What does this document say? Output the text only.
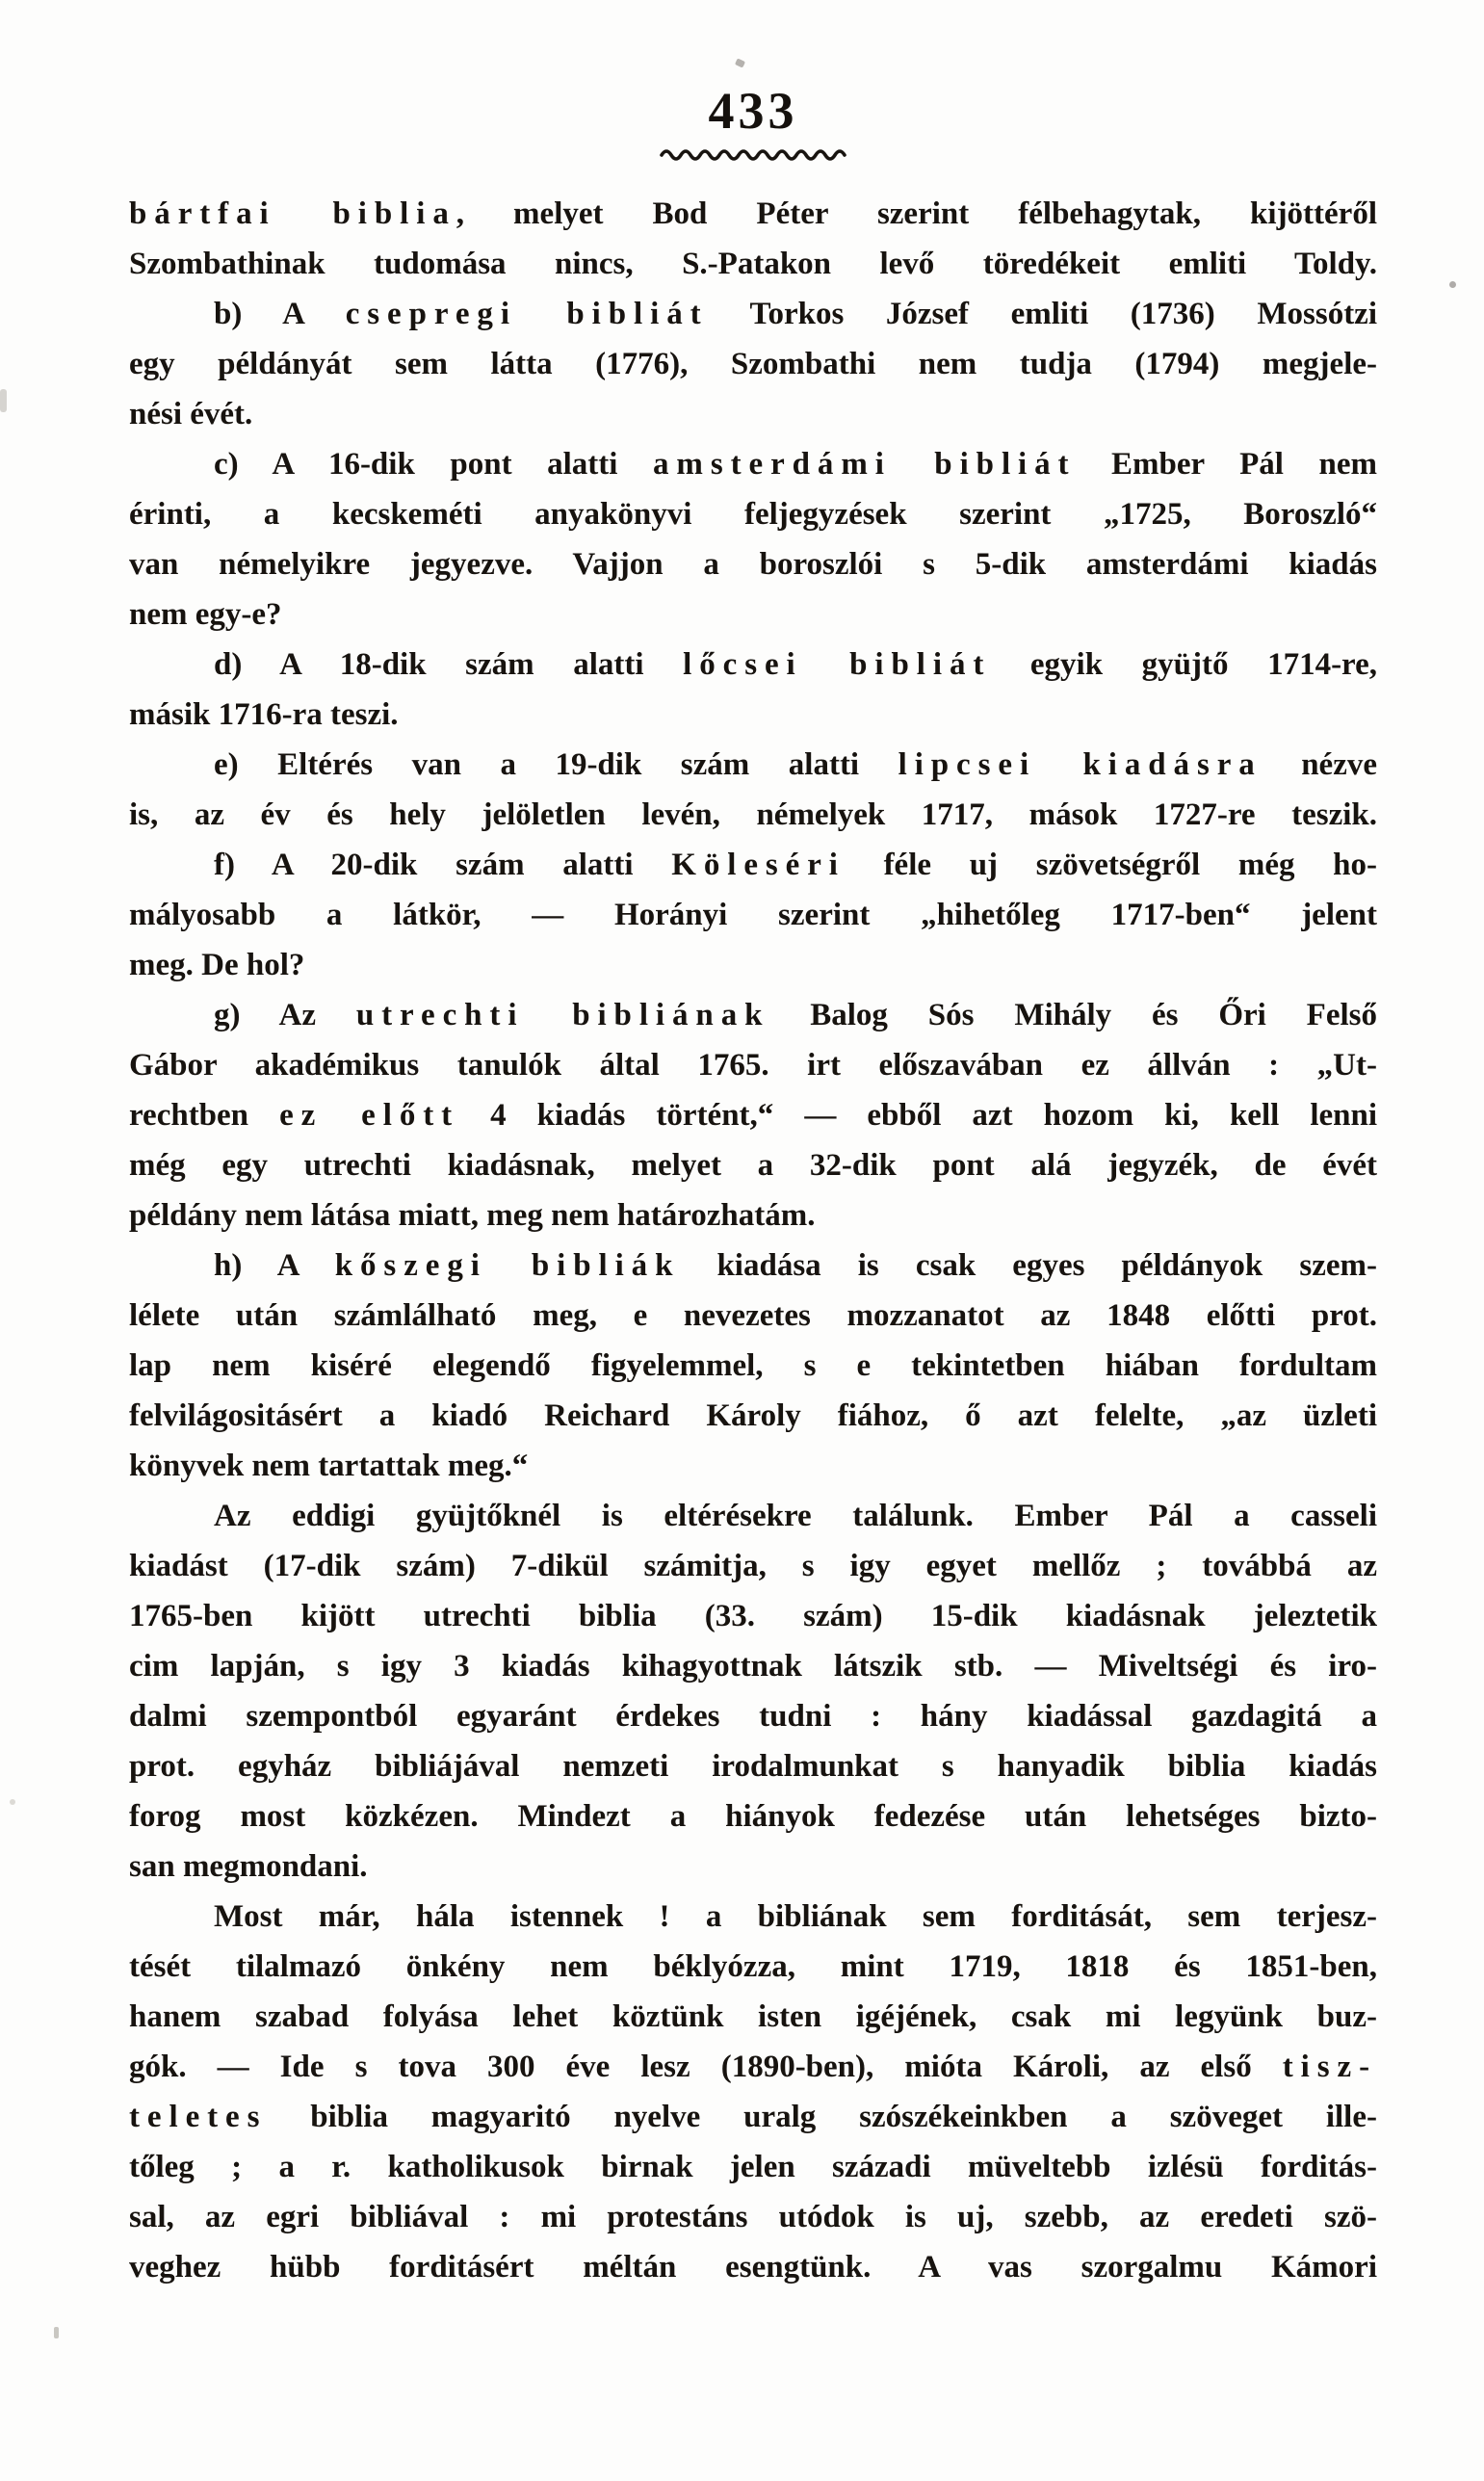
433
bártfai biblia, melyet Bod Péter szerint félbehagytak, kijöttéről
Szombathinak tudomása nincs, S.-Patakon levő töredékeit emliti Toldy.
b) A csepregi bibliát Torkos József emliti (1736) Mossótzi
egy példányát sem látta (1776), Szombathi nem tudja (1794) megjele-
nési évét.
c) A 16-dik pont alatti amsterdámi bibliát Ember Pál nem
érinti, a kecskeméti anyakönyvi feljegyzések szerint „1725, Boroszló“
van némelyikre jegyezve. Vajjon a boroszlói s 5-dik amsterdámi kiadás
nem egy-e?
d) A 18-dik szám alatti lőcsei bibliát egyik gyüjtő 1714-re,
másik 1716-ra teszi.
e) Eltérés van a 19-dik szám alatti lipcsei kiadásra nézve
is, az év és hely jelöletlen levén, némelyek 1717, mások 1727-re teszik.
f) A 20-dik szám alatti Köleséri féle uj szövetségről még ho-
mályosabb a látkör, — Horányi szerint „hihetőleg 1717-ben“ jelent
meg. De hol?
g) Az utrechti bibliának Balog Sós Mihály és Őri Felső
Gábor akadémikus tanulók által 1765. irt előszavában ez állván : „Ut-
rechtben ez előtt 4 kiadás történt,“ — ebből azt hozom ki, kell lenni
még egy utrechti kiadásnak, melyet a 32-dik pont alá jegyzék, de évét
példány nem látása miatt, meg nem határozhatám.
h) A kőszegi bibliák kiadása is csak egyes példányok szem-
lélete után számlálható meg, e nevezetes mozzanatot az 1848 előtti prot.
lap nem kiséré elegendő figyelemmel, s e tekintetben hiában fordultam
felvilágositásért a kiadó Reichard Károly fiához, ő azt felelte, „az üzleti
könyvek nem tartattak meg.“
Az eddigi gyüjtőknél is eltérésekre találunk. Ember Pál a casseli
kiadást (17-dik szám) 7-dikül számitja, s igy egyet mellőz ; továbbá az
1765-ben kijött utrechti biblia (33. szám) 15-dik kiadásnak jeleztetik
cim lapján, s igy 3 kiadás kihagyottnak látszik stb. — Miveltségi és iro-
dalmi szempontból egyaránt érdekes tudni : hány kiadással gazdagitá a
prot. egyház bibliájával nemzeti irodalmunkat s hanyadik biblia kiadás
forog most közkézen. Mindezt a hiányok fedezése után lehetséges bizto-
san megmondani.
Most már, hála istennek ! a bibliának sem forditását, sem terjesz-
tését tilalmazó önkény nem béklyózza, mint 1719, 1818 és 1851-ben,
hanem szabad folyása lehet köztünk isten igéjének, csak mi legyünk buz-
gók. — Ide s tova 300 éve lesz (1890-ben), mióta Károli, az első tisz-
teletes biblia magyaritó nyelve uralg szószékeinkben a szöveget ille-
tőleg ; a r. katholikusok birnak jelen századi müveltebb izlésü forditás-
sal, az egri bibliával : mi protestáns utódok is uj, szebb, az eredeti szö-
veghez hübb forditásért méltán esengtünk. A vas szorgalmu Kámori
